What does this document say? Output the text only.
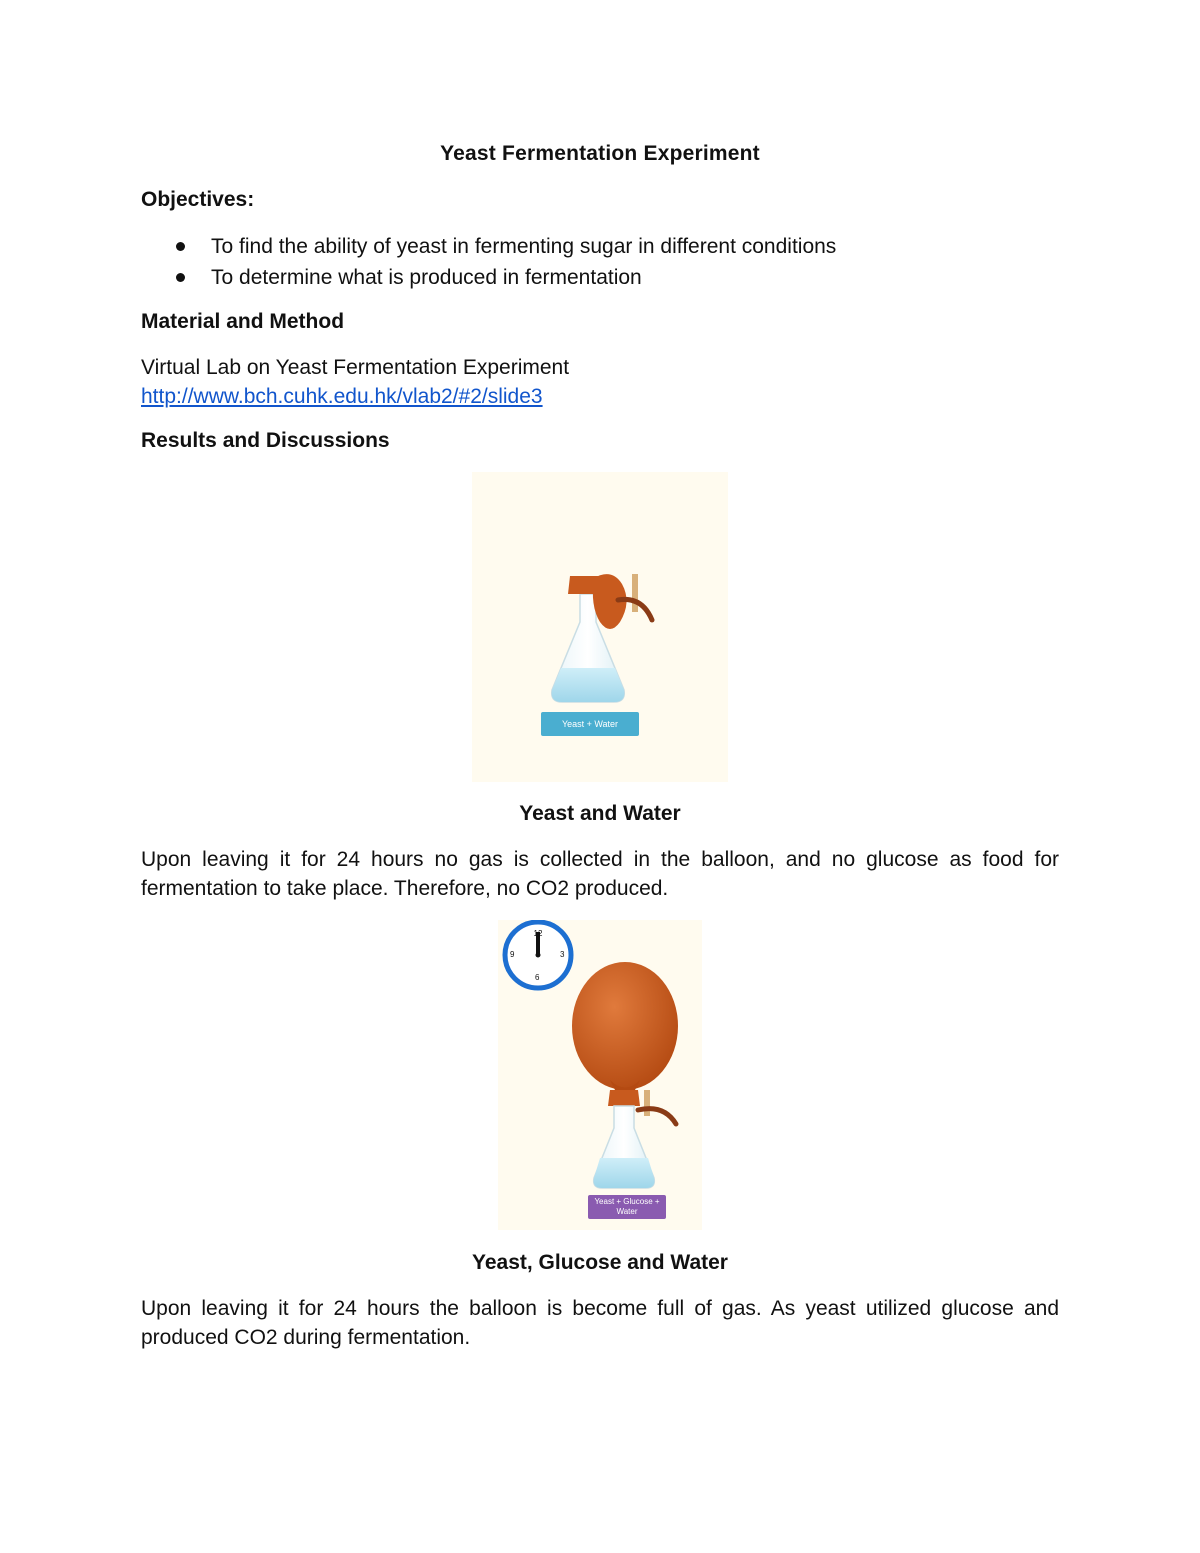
Yeast Fermentation Experiment
Objectives:
To find the ability of yeast in fermenting sugar in different conditions
To determine what is produced in fermentation
Material and Method
Virtual Lab on Yeast Fermentation Experiment
http://www.bch.cuhk.edu.hk/vlab2/#2/slide3
Results and Discussions
Yeast + Water
Yeast and Water
Upon leaving it for 24 hours no gas is collected in the balloon, and no glucose as food for fermentation to take place. Therefore, no CO2 produced.
12
3
6
9
Yeast + Glucose + Water
Yeast, Glucose and Water
Upon leaving it for 24 hours the balloon is become full of gas. As yeast utilized glucose and produced CO2 during fermentation.
